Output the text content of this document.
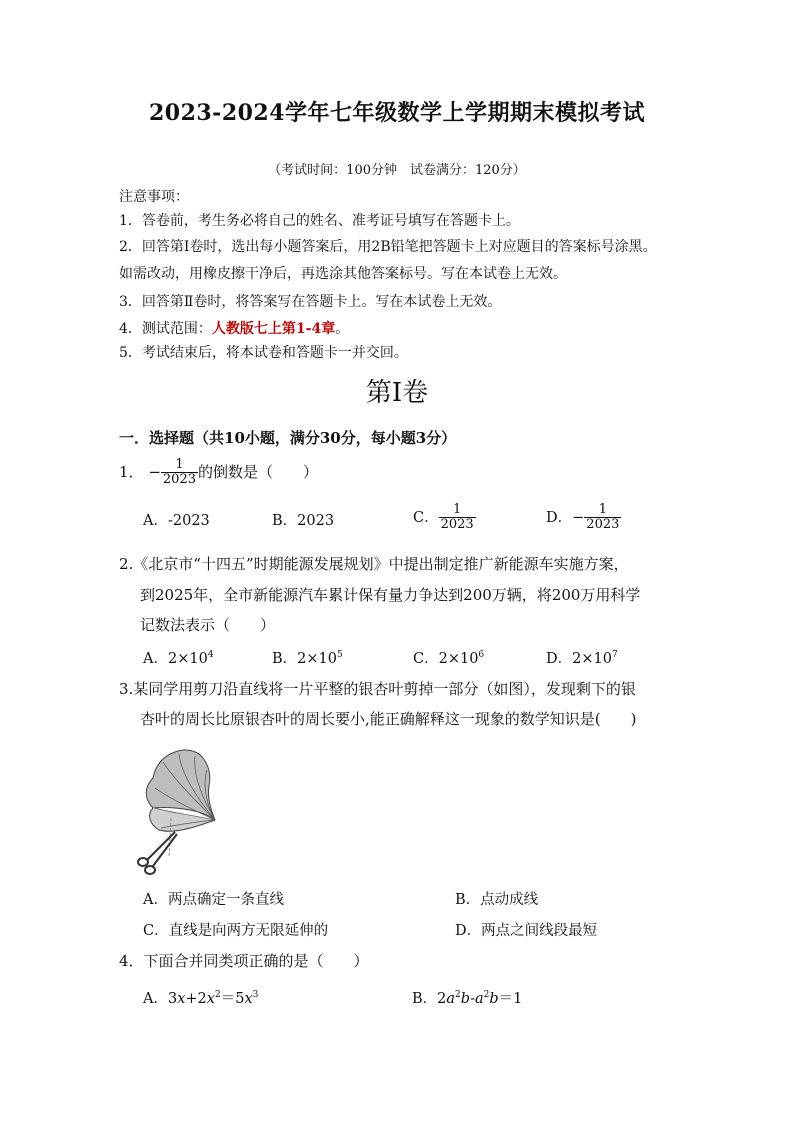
2023-2024学年七年级数学上学期期末模拟考试
（考试时间：100分钟　试卷满分：120分）
注意事项：
1．答卷前，考生务必将自己的姓名、准考证号填写在答题卡上。
2．回答第Ⅰ卷时，选出每小题答案后，用2B铅笔把答题卡上对应题目的答案标号涂黑。
如需改动，用橡皮擦干净后，再选涂其他答案标号。写在本试卷上无效。
3．回答第Ⅱ卷时，将答案写在答题卡上。写在本试卷上无效。
4．测试范围：人教版七上第1-4章。
5．考试结束后，将本试卷和答题卡一并交回。
第Ⅰ卷
一．选择题（共10小题，满分30分，每小题3分）
1． − $\frac{1}{2023}$ 的倒数是（　　）
A．-2023	B．2023	C． $\frac{1}{2023}$	D．− $\frac{1}{2023}$
2.《北京市“十四五”时期能源发展规划》中提出制定推广新能源车实施方案，
到2025年，全市新能源汽车累计保有量力争达到200万辆，将200万用科学
记数法表示（　　）
A．$2\times 10^4$	B．$2\times 10^5$	C．$2\times 10^6$	D．$2\times 10^7$
3.某同学用剪刀沿直线将一片平整的银杏叶剪掉一部分（如图），发现剩下的银
杏叶的周长比原银杏叶的周长要小,能正确解释这一现象的数学知识是(　　)
A．两点确定一条直线	B．点动成线
C．直线是向两方无限延伸的	D．两点之间线段最短
4．下面合并同类项正确的是（　　）
A．$3x+2x^2=5x^3$	B．$2a^2b-a^2b=1$
